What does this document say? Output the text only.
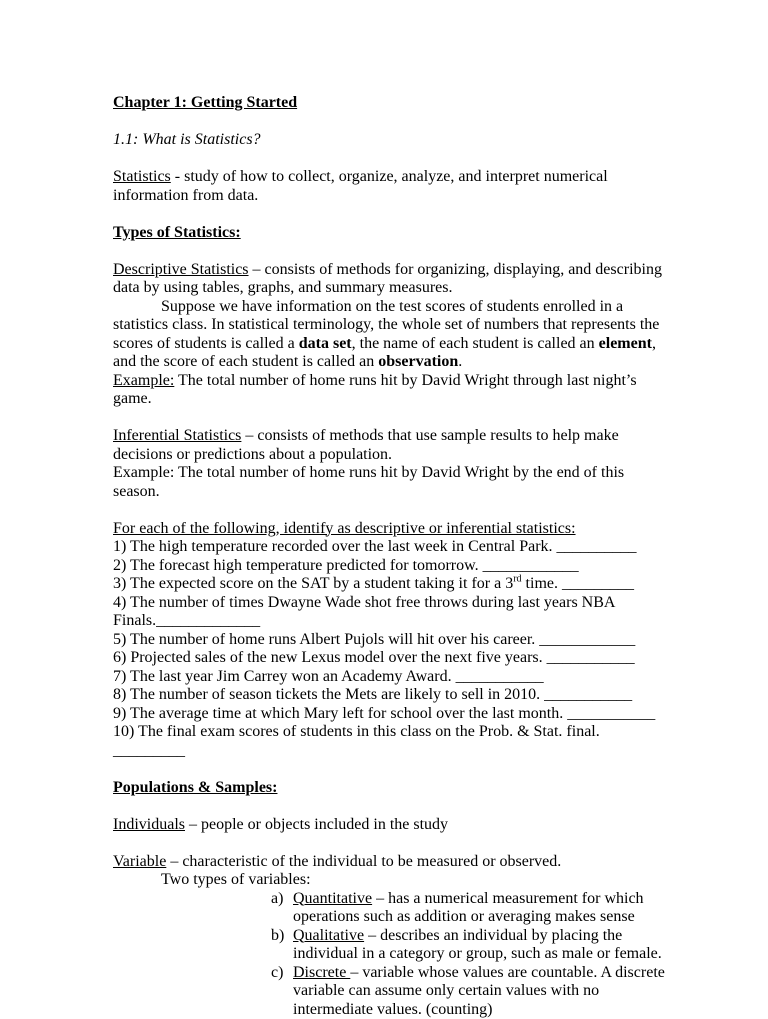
Chapter 1: Getting Started

1.1: What is Statistics?

Statistics - study of how to collect, organize, analyze, and interpret numerical information from data.

Types of Statistics:

Descriptive Statistics – consists of methods for organizing, displaying, and describing data by using tables, graphs, and summary measures.

Suppose we have information on the test scores of students enrolled in a statistics class. In statistical terminology, the whole set of numbers that represents the scores of students is called a data set, the name of each student is called an element, and the score of each student is called an observation.

Example: The total number of home runs hit by David Wright through last night’s game.

Inferential Statistics – consists of methods that use sample results to help make decisions or predictions about a population.

Example: The total number of home runs hit by David Wright by the end of this season.

For each of the following, identify as descriptive or inferential statistics:

1) The high temperature recorded over the last week in Central Park. __________

2) The forecast high temperature predicted for tomorrow. ____________

3) The expected score on the SAT by a student taking it for a 3rd time. _________

4) The number of times Dwayne Wade shot free throws during last years NBA

Finals._____________

5) The number of home runs Albert Pujols will hit over his career. ____________

6) Projected sales of the new Lexus model over the next five years. ___________

7) The last year Jim Carrey won an Academy Award. ___________

8) The number of season tickets the Mets are likely to sell in 2010. ___________

9) The average time at which Mary left for school over the last month. ___________

10) The final exam scores of students in this class on the Prob. & Stat. final. _________

Populations & Samples:

Individuals – people or objects included in the study

Variable – characteristic of the individual to be measured or observed.

Two types of variables:

a) Quantitative – has a numerical measurement for which operations such as addition or averaging makes sense

b) Qualitative – describes an individual by placing the individual in a category or group, such as male or female.

c) Discrete – variable whose values are countable. A discrete variable can assume only certain values with no intermediate values. (counting)
